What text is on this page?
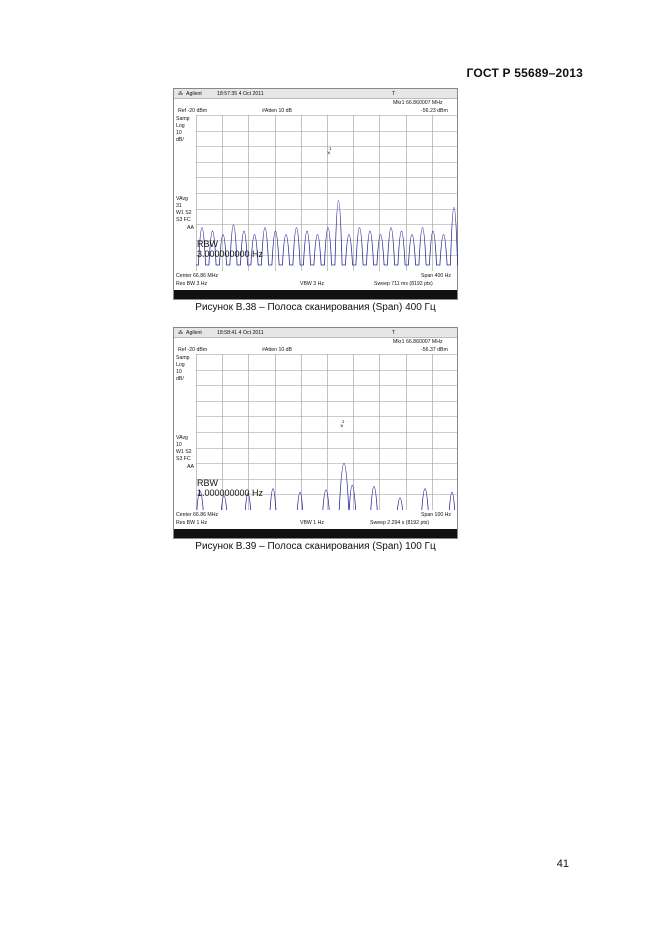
ГОСТ Р 55689–2013
⁂ Agilent	18:57:35 4 Oct 2011	T
Mkr1 66.860007 MHz
Ref -20 dBm	#Atten 10 dB	-56.23 dBm
Samp
Log
10
dB/
VAvg
31
W1 S2
S3 FC
AA
×
1
RBW
3.000000000 Hz
Center 66.86 MHz	Span 400 Hz
Res BW 3 Hz	VBW 3 Hz	Sweep 711 ms (8192 pts)
Рисунок В.38 – Полоса сканирования (Span) 400 Гц
⁂ Agilent	18:58:41 4 Oct 2011	T
Mkr1 66.860007 MHz
Ref -20 dBm	#Atten 10 dB	-56.37 dBm
Samp
Log
10
dB/
VAvg
10
W1 S2
S3 FC
AA
×
1
RBW
1.000000000 Hz
Center 66.86 MHz	Span 100 Hz
Res BW 1 Hz	VBW 1 Hz	Sweep 2.294 s (8192 pts)
Рисунок В.39 – Полоса сканирования (Span) 100 Гц
41
